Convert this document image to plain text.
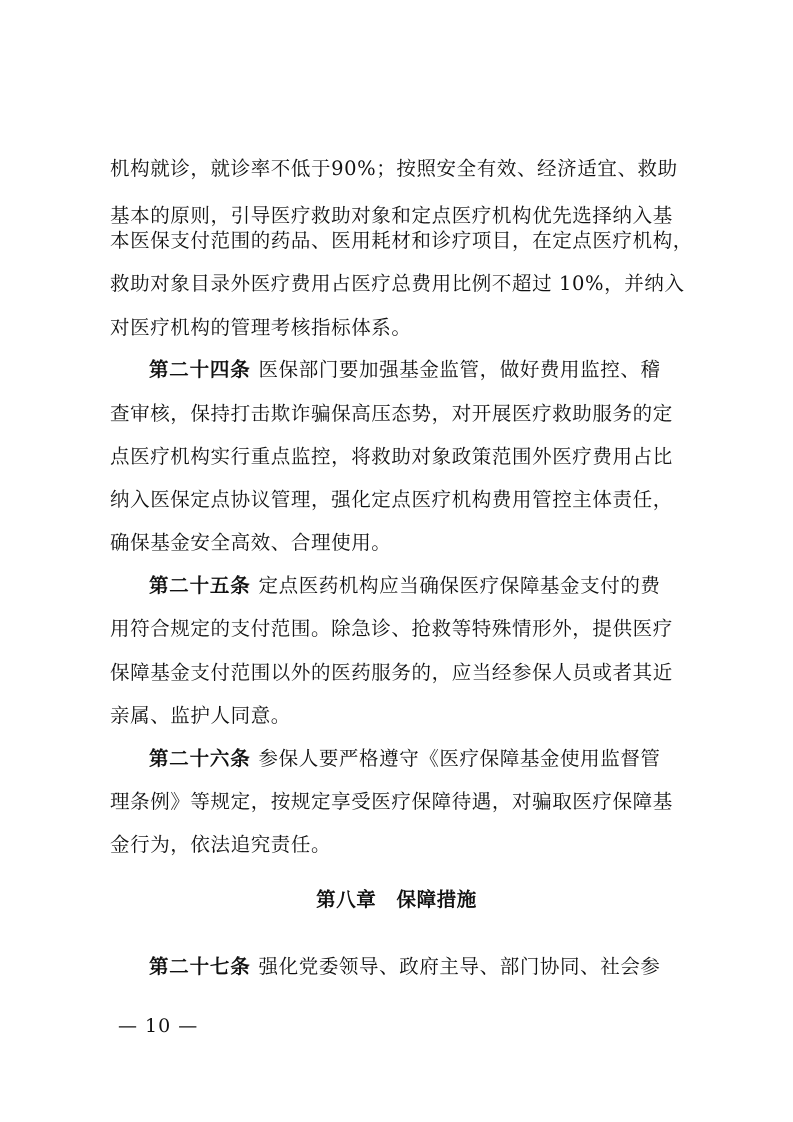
机构就诊，就诊率不低于90%；按照安全有效、经济适宜、救助
基本的原则，引导医疗救助对象和定点医疗机构优先选择纳入基
本医保支付范围的药品、医用耗材和诊疗项目，在定点医疗机构，
救助对象目录外医疗费用占医疗总费用比例不超过 10%，并纳入
对医疗机构的管理考核指标体系。
第二十四条 医保部门要加强基金监管，做好费用监控、稽
查审核，保持打击欺诈骗保高压态势，对开展医疗救助服务的定
点医疗机构实行重点监控，将救助对象政策范围外医疗费用占比
纳入医保定点协议管理，强化定点医疗机构费用管控主体责任，
确保基金安全高效、合理使用。
第二十五条 定点医药机构应当确保医疗保障基金支付的费
用符合规定的支付范围。除急诊、抢救等特殊情形外，提供医疗
保障基金支付范围以外的医药服务的，应当经参保人员或者其近
亲属、监护人同意。
第二十六条 参保人要严格遵守《医疗保障基金使用监督管
理条例》等规定，按规定享受医疗保障待遇，对骗取医疗保障基
金行为，依法追究责任。
第八章　保障措施
第二十七条 强化党委领导、政府主导、部门协同、社会参
— 10 —
